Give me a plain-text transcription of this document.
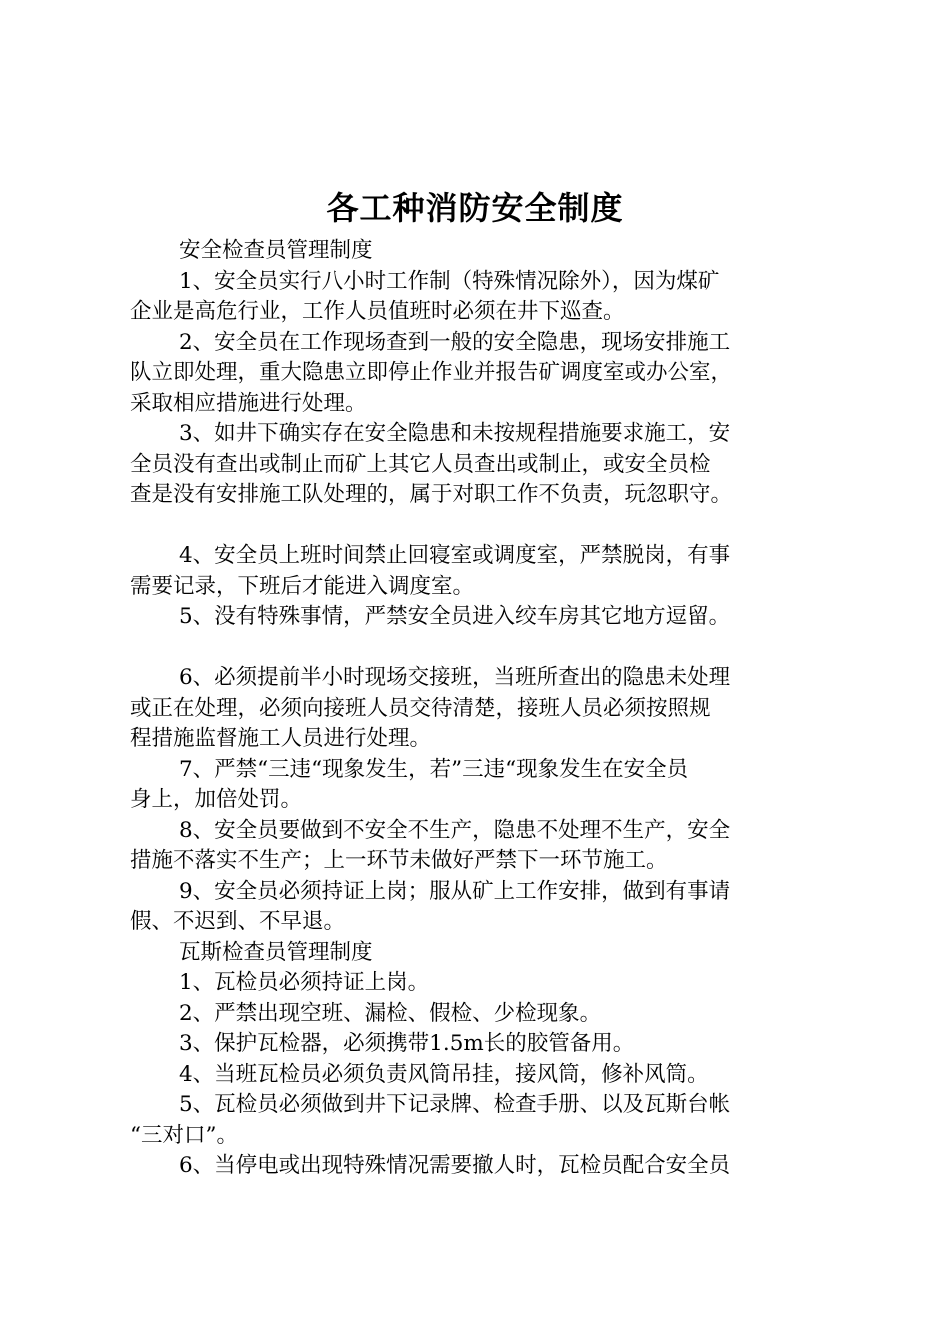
各工种消防安全制度
安全检查员管理制度
1、安全员实行八小时工作制（特殊情况除外），因为煤矿
企业是高危行业，工作人员值班时必须在井下巡查。
2、安全员在工作现场查到一般的安全隐患，现场安排施工
队立即处理，重大隐患立即停止作业并报告矿调度室或办公室，
采取相应措施进行处理。
3、如井下确实存在安全隐患和未按规程措施要求施工，安
全员没有查出或制止而矿上其它人员查出或制止，或安全员检
查是没有安排施工队处理的，属于对职工作不负责，玩忽职守。
4、安全员上班时间禁止回寝室或调度室，严禁脱岗，有事
需要记录，下班后才能进入调度室。
5、没有特殊事情，严禁安全员进入绞车房其它地方逗留。
6、必须提前半小时现场交接班，当班所查出的隐患未处理
或正在处理，必须向接班人员交待清楚，接班人员必须按照规
程措施监督施工人员进行处理。
7、严禁“三违“现象发生，若”三违“现象发生在安全员
身上，加倍处罚。
8、安全员要做到不安全不生产，隐患不处理不生产，安全
措施不落实不生产；上一环节未做好严禁下一环节施工。
9、安全员必须持证上岗；服从矿上工作安排，做到有事请
假、不迟到、不早退。
瓦斯检查员管理制度
1、瓦检员必须持证上岗。
2、严禁出现空班、漏检、假检、少检现象。
3、保护瓦检器，必须携带1.5m长的胶管备用。
4、当班瓦检员必须负责风筒吊挂，接风筒，修补风筒。
5、瓦检员必须做到井下记录牌、检查手册、以及瓦斯台帐
“三对口”。
6、当停电或出现特殊情况需要撤人时，瓦检员配合安全员
